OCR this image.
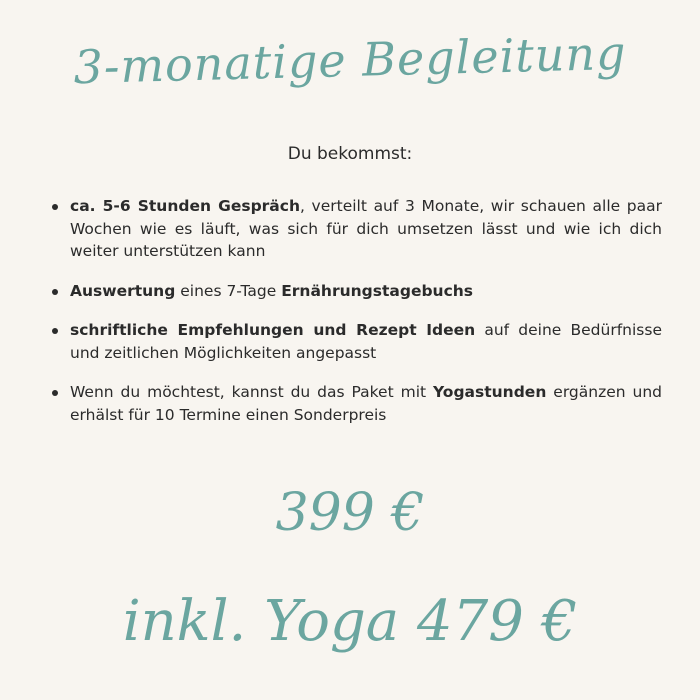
3-monatige Begleitung
Du bekommst:
ca. 5-6 Stunden Gespräch, verteilt auf 3 Monate, wir schauen alle paar Wochen wie es läuft, was sich für dich umsetzen lässt und wie ich dich weiter unterstützen kann
Auswertung eines 7-Tage Ernährungstagebuchs
schriftliche Empfehlungen und Rezept Ideen auf deine Bedürfnisse und zeitlichen Möglichkeiten angepasst
Wenn du möchtest, kannst du das Paket mit Yogastunden ergänzen und erhälst für 10 Termine einen Sonderpreis
399 €
inkl. Yoga 479 €
